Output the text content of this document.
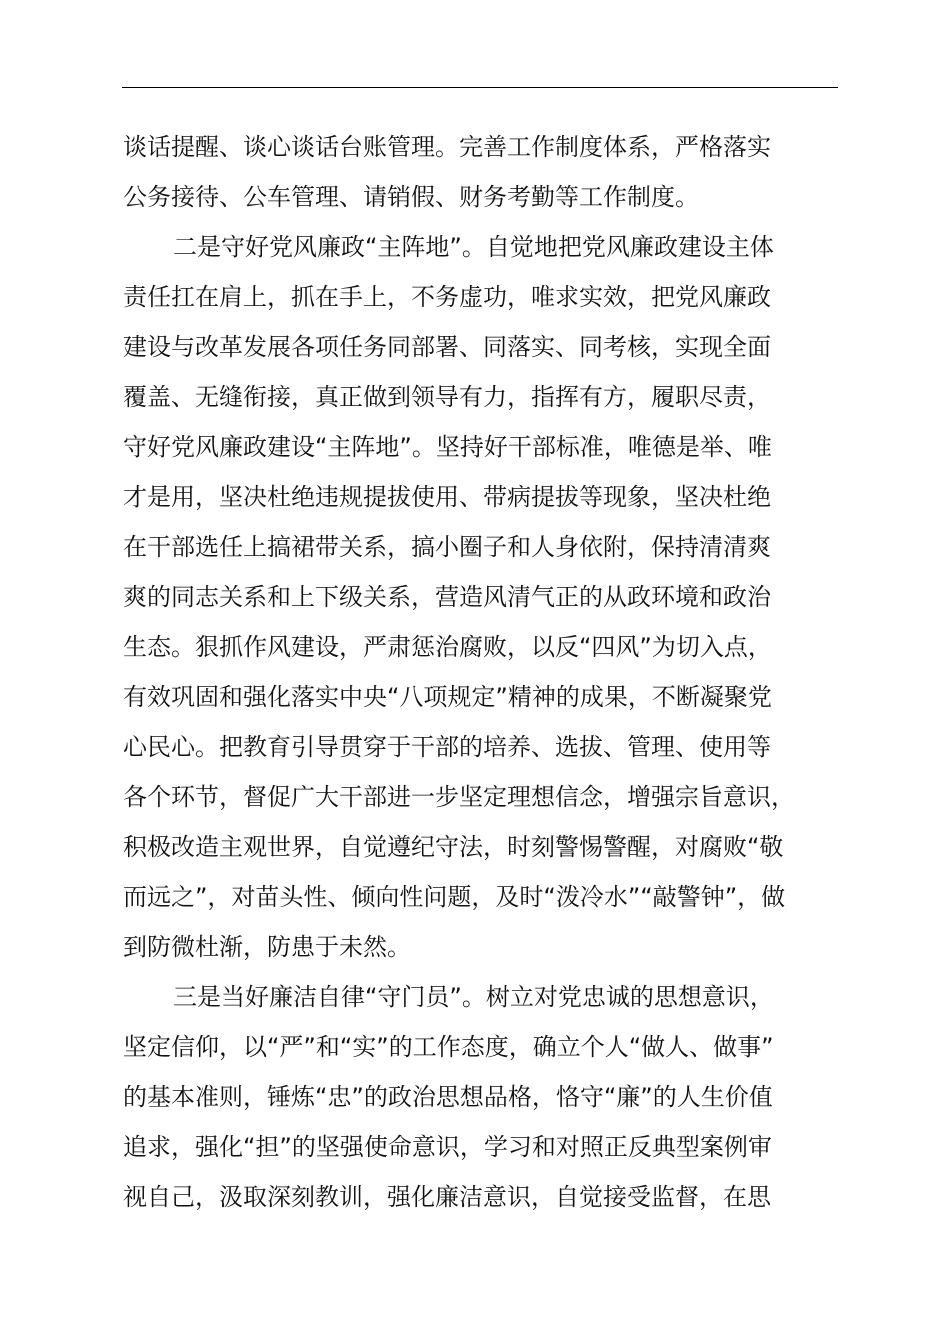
谈话提醒、谈心谈话台账管理。完善工作制度体系，严格落实
公务接待、公车管理、请销假、财务考勤等工作制度。
二是守好党风廉政“主阵地”。自觉地把党风廉政建设主体
责任扛在肩上，抓在手上，不务虚功，唯求实效，把党风廉政
建设与改革发展各项任务同部署、同落实、同考核，实现全面
覆盖、无缝衔接，真正做到领导有力，指挥有方，履职尽责，
守好党风廉政建设“主阵地”。坚持好干部标准，唯德是举、唯
才是用，坚决杜绝违规提拔使用、带病提拔等现象，坚决杜绝
在干部选任上搞裙带关系，搞小圈子和人身依附，保持清清爽
爽的同志关系和上下级关系，营造风清气正的从政环境和政治
生态。狠抓作风建设，严肃惩治腐败，以反“四风”为切入点，
有效巩固和强化落实中央“八项规定”精神的成果，不断凝聚党
心民心。把教育引导贯穿于干部的培养、选拔、管理、使用等
各个环节，督促广大干部进一步坚定理想信念，增强宗旨意识，
积极改造主观世界，自觉遵纪守法，时刻警惕警醒，对腐败“敬
而远之”，对苗头性、倾向性问题，及时“泼冷水”“敲警钟”，做
到防微杜渐，防患于未然。
三是当好廉洁自律“守门员”。树立对党忠诚的思想意识，
坚定信仰，以“严”和“实”的工作态度，确立个人“做人、做事”
的基本准则，锤炼“忠”的政治思想品格，恪守“廉”的人生价值
追求，强化“担”的坚强使命意识，学习和对照正反典型案例审
视自己，汲取深刻教训，强化廉洁意识，自觉接受监督，在思
